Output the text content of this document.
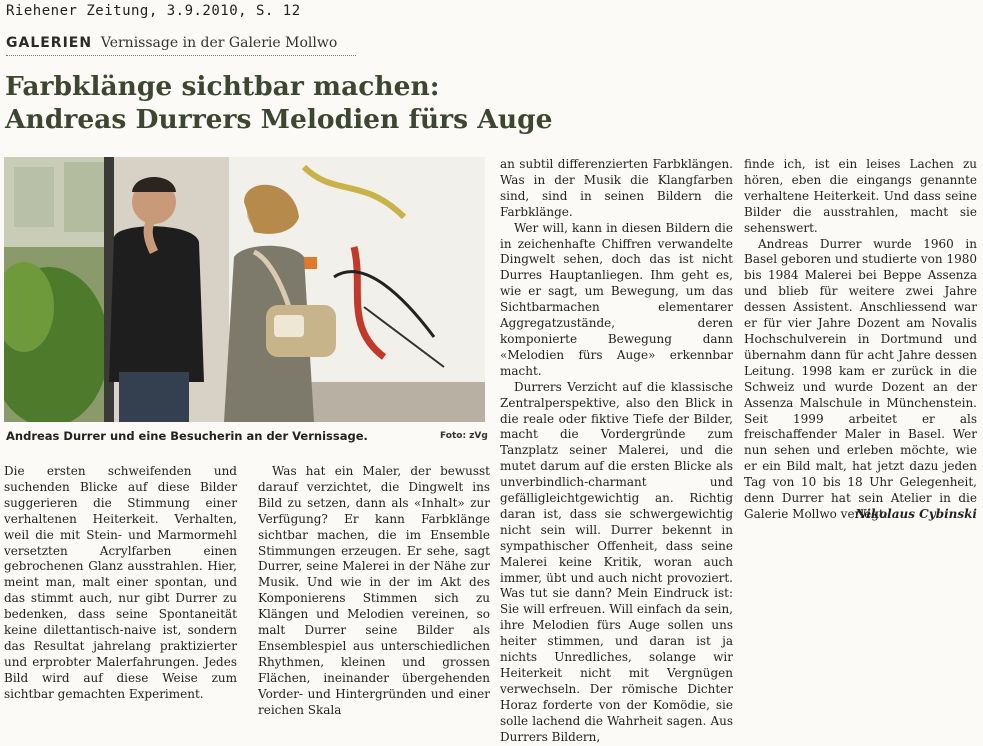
Riehener Zeitung, 3.9.2010, S. 12
GALERIEN Vernissage in der Galerie Mollwo
Farbklänge sichtbar machen:
Andreas Durrers Melodien fürs Auge
Andreas Durrer und eine Besucherin an der Vernissage.	Foto: zVg

Die ersten schweifenden und suchenden Blicke auf diese Bilder suggerieren die Stimmung einer verhaltenen Heiterkeit. Verhalten, weil die mit Stein- und Marmormehl versetzten Acrylfarben einen gebrochenen Glanz ausstrahlen. Hier, meint man, malt einer spontan, und das stimmt auch, nur gibt Durrer zu bedenken, dass seine Spontaneität keine dilettantisch-naive ist, sondern das Resultat jahrelang praktizierter und erprobter Malerfahrungen. Jedes Bild wird auf diese Weise zum sichtbar gemachten Experiment.

Was hat ein Maler, der bewusst darauf verzichtet, die Dingwelt ins Bild zu setzen, dann als «Inhalt» zur Verfügung? Er kann Farbklänge sichtbar machen, die im Ensemble Stimmungen erzeugen. Er sehe, sagt Durrer, seine Malerei in der Nähe zur Musik. Und wie in der im Akt des Komponierens Stimmen sich zu Klängen und Melodien vereinen, so malt Durrer seine Bilder als Ensemblespiel aus unterschiedlichen Rhythmen, kleinen und grossen Flächen, ineinander übergehenden Vorder- und Hintergründen und einer reichen Skala

an subtil differenzierten Farbklängen. Was in der Musik die Klangfarben sind, sind in seinen Bildern die Farbklänge.

Wer will, kann in diesen Bildern die in zeichenhafte Chiffren verwandelte Dingwelt sehen, doch das ist nicht Durres Hauptanliegen. Ihm geht es, wie er sagt, um Bewegung, um das Sichtbarmachen elementarer Aggregatzustände, deren komponierte Bewegung dann «Melodien fürs Auge» erkennbar macht.

Durrers Verzicht auf die klassische Zentralperspektive, also den Blick in die reale oder fiktive Tiefe der Bilder, macht die Vordergründe zum Tanzplatz seiner Malerei, und die mutet darum auf die ersten Blicke als unverbindlich-charmant und gefälligleichtgewichtig an. Richtig daran ist, dass sie schwergewichtig nicht sein will. Durrer bekennt in sympathischer Offenheit, dass seine Malerei keine Kritik, woran auch immer, übt und auch nicht provoziert. Was tut sie dann? Mein Eindruck ist: Sie will erfreuen. Will einfach da sein, ihre Melodien fürs Auge sollen uns heiter stimmen, und daran ist ja nichts Unredliches, solange wir Heiterkeit nicht mit Vergnügen verwechseln. Der römische Dichter Horaz forderte von der Komödie, sie solle lachend die Wahrheit sagen. Aus Durrers Bildern,

finde ich, ist ein leises Lachen zu hören, eben die eingangs genannte verhaltene Heiterkeit. Und dass seine Bilder die ausstrahlen, macht sie sehenswert.

Andreas Durrer wurde 1960 in Basel geboren und studierte von 1980 bis 1984 Malerei bei Beppe Assenza und blieb für weitere zwei Jahre dessen Assistent. Anschliessend war er für vier Jahre Dozent am Novalis Hochschulverein in Dortmund und übernahm dann für acht Jahre dessen Leitung. 1998 kam er zurück in die Schweiz und wurde Dozent an der Assenza Malschule in Münchenstein. Seit 1999 arbeitet er als freischaffender Maler in Basel. Wer nun sehen und erleben möchte, wie er ein Bild malt, hat jetzt dazu jeden Tag von 10 bis 18 Uhr Gelegenheit, denn Durrer hat sein Atelier in die Galerie Mollwo verlegt.

Nikolaus Cybinski
